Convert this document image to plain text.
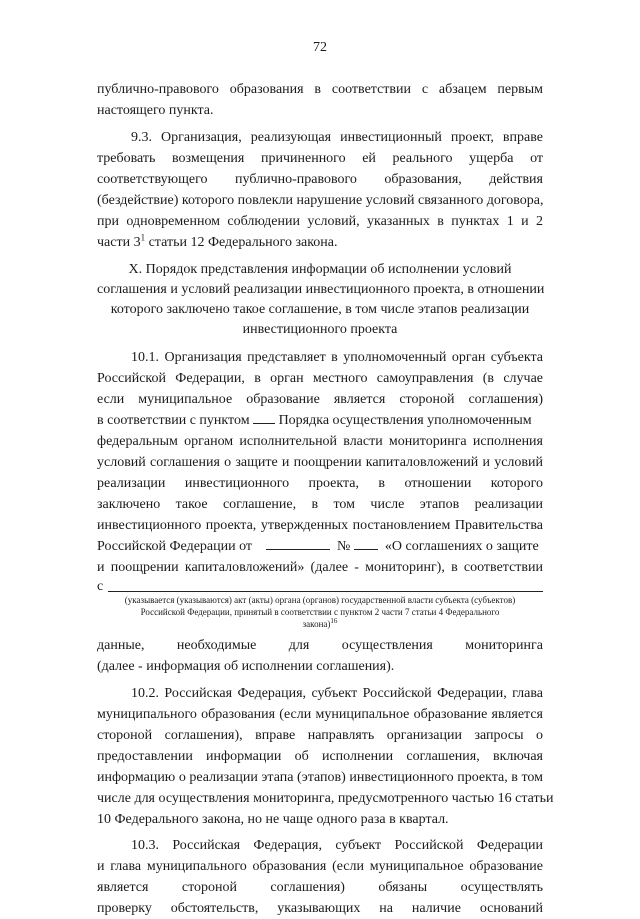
72
публично-правового образования в соответствии с абзацем первым
настоящего пункта.
9.3. Организация, реализующая инвестиционный проект, вправе
требовать возмещения причиненного ей реального ущерба от
соответствующего публично-правового образования, действия
(бездействие) которого повлекли нарушение условий связанного договора,
при одновременном соблюдении условий, указанных в пунктах 1 и 2
части $3^1$ статьи 12 Федерального закона.
X. Порядок представления информации об исполнении условий
соглашения и условий реализации инвестиционного проекта, в отношении
которого заключено такое соглашение, в том числе этапов реализации
инвестиционного проекта
10.1. Организация представляет в уполномоченный орган субъекта
Российской Федерации, в орган местного самоуправления (в случае
если муниципальное образование является стороной соглашения)
в соответствии с пунктом  Порядка осуществления уполномоченным
федеральным органом исполнительной власти мониторинга исполнения
условий соглашения о защите и поощрении капиталовложений и условий
реализации инвестиционного проекта, в отношении которого
заключено такое соглашение, в том числе этапов реализации
инвестиционного проекта, утвержденных постановлением Правительства
Российской Федерации от	№ «О соглашениях о защите
и поощрении капиталовложений» (далее - мониторинг), в соответствии
с
(указывается (указываются) акт (акты) органа (органов) государственной власти субъекта (субъектов)
Российской Федерации, принятый в соответствии с пунктом 2 части 7 статьи 4 Федерального
закона)$^{16}$
данные, необходимые для осуществления мониторинга
(далее - информация об исполнении соглашения).
10.2. Российская Федерация, субъект Российской Федерации, глава
муниципального образования (если муниципальное образование является
стороной соглашения), вправе направлять организации запросы о
предоставлении информации об исполнении соглашения, включая
информацию о реализации этапа (этапов) инвестиционного проекта, в том
числе для осуществления мониторинга, предусмотренного частью 16 статьи
10 Федерального закона, но не чаще одного раза в квартал.
10.3. Российская Федерация, субъект Российской Федерации
и глава муниципального образования (если муниципальное образование
является стороной соглашения) обязаны осуществлять
проверку обстоятельств, указывающих на наличие оснований
